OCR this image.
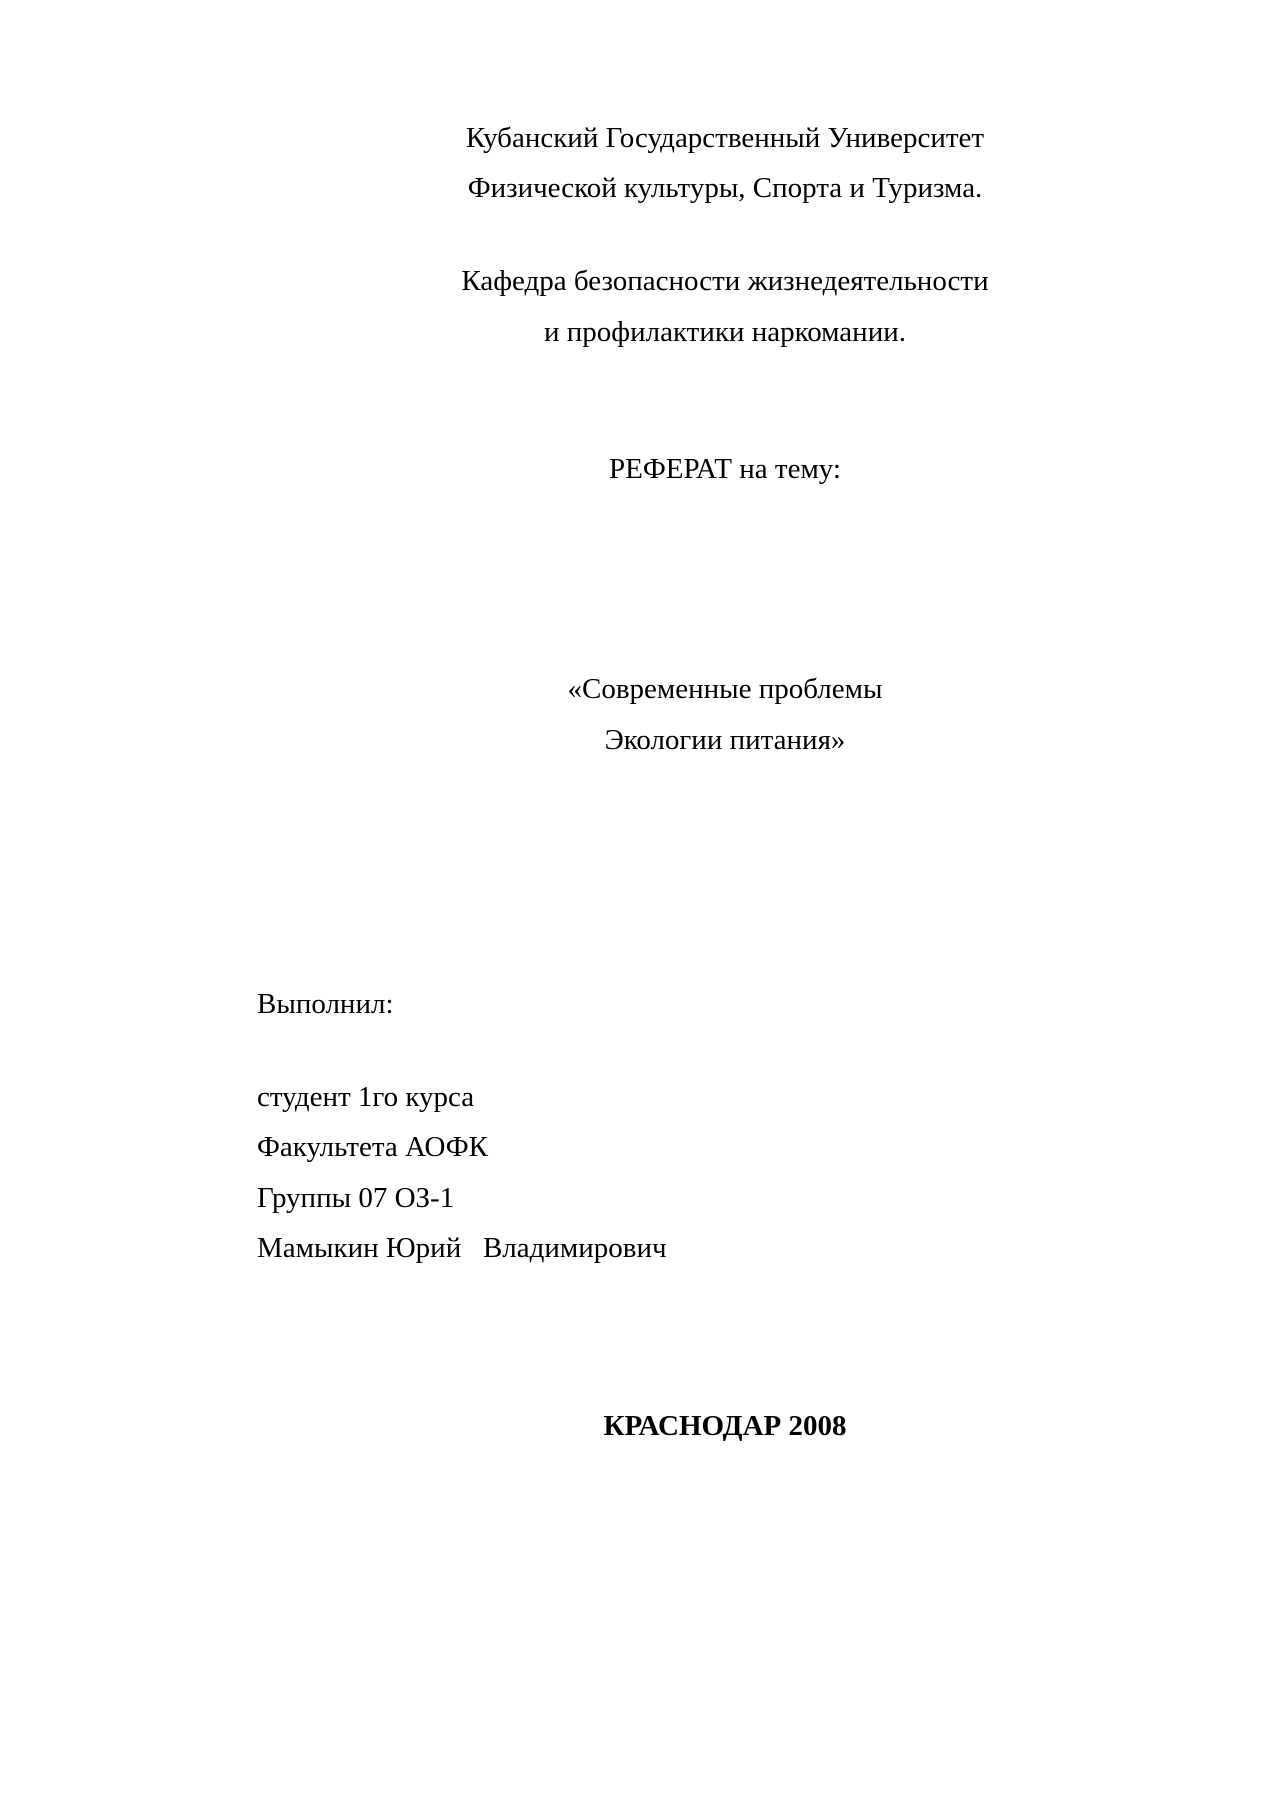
Кубанский Государственный Университет
Физической культуры, Спорта и Туризма.
Кафедра безопасности жизнедеятельности
и профилактики наркомании.
РЕФЕРАТ на тему:
«Современные проблемы
Экологии питания»
Выполнил:
студент 1го курса
Факультета АОФК
Группы 07 ОЗ-1
Мамыкин Юрий   Владимирович
КРАСНОДАР 2008
